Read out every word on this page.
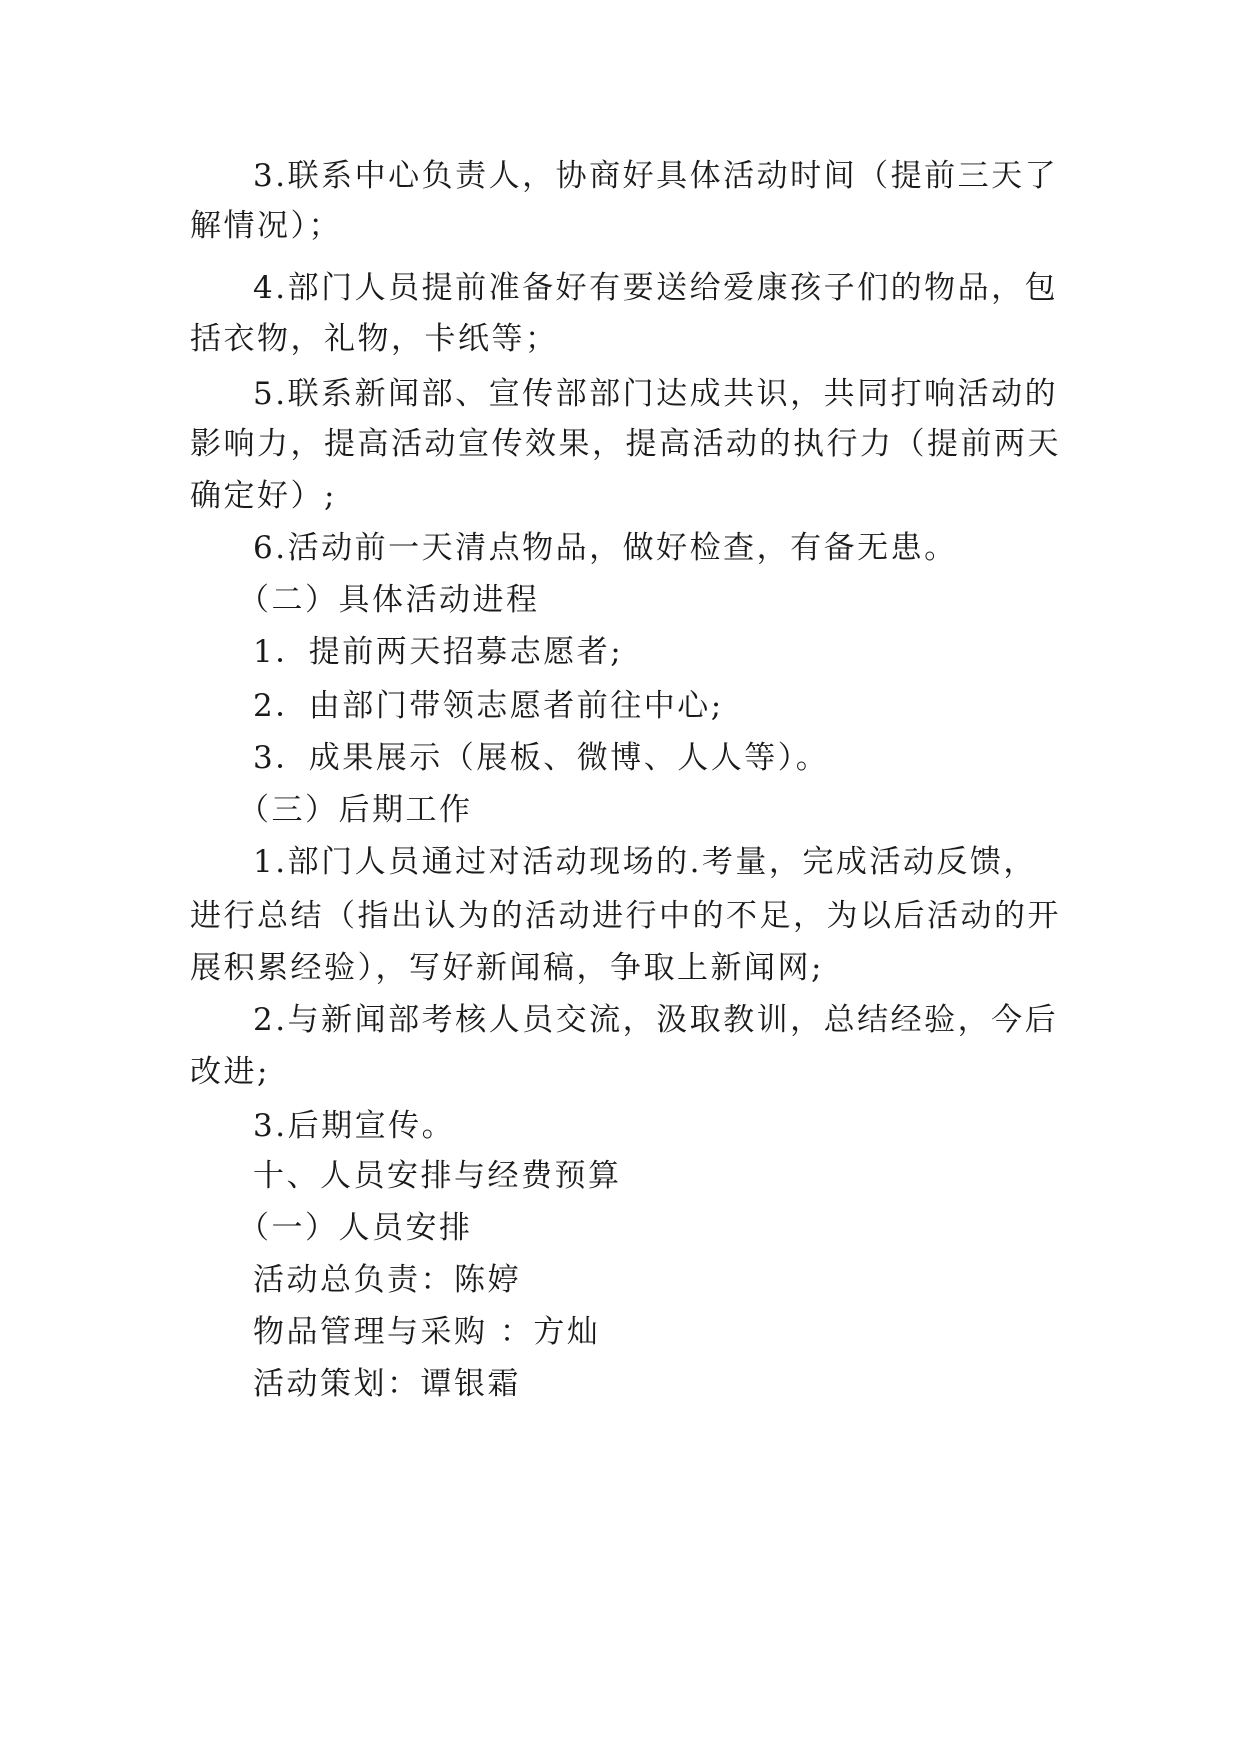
3.联系中心负责人，协商好具体活动时间（提前三天了
解情况）；
4.部门人员提前准备好有要送给爱康孩子们的物品，包
括衣物，礼物，卡纸等；
5.联系新闻部、宣传部部门达成共识，共同打响活动的
影响力，提高活动宣传效果，提高活动的执行力（提前两天
确定好）;
6.活动前一天清点物品，做好检查，有备无患。
（二）具体活动进程
1．提前两天招募志愿者;
2．由部门带领志愿者前往中心;
3．成果展示（展板、微博、人人等）。
（三）后期工作
1.部门人员通过对活动现场的.考量，完成活动反馈，
进行总结（指出认为的活动进行中的不足，为以后活动的开
展积累经验），写好新闻稿，争取上新闻网;
2.与新闻部考核人员交流，汲取教训，总结经验，今后
改进;
3.后期宣传。
十、人员安排与经费预算
（一）人员安排
活动总负责：陈婷
物品管理与采购 ：方灿
活动策划：谭银霜
